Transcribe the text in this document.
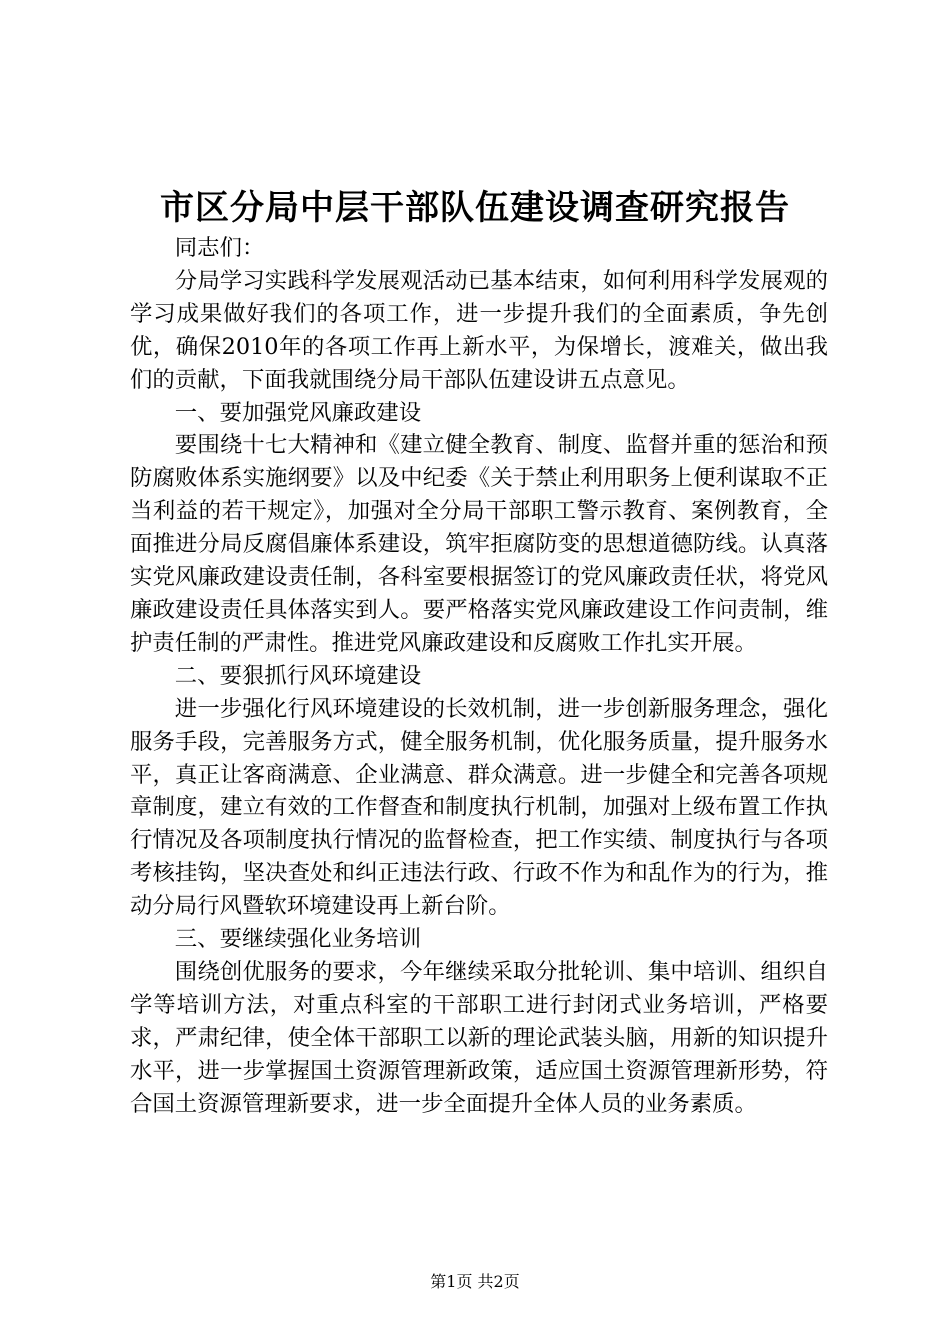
市区分局中层干部队伍建设调查研究报告

同志们：

分局学习实践科学发展观活动已基本结束，如何利用科学发展观的学习成果做好我们的各项工作，进一步提升我们的全面素质，争先创优，确保2010年的各项工作再上新水平，为保增长，渡难关，做出我们的贡献，下面我就围绕分局干部队伍建设讲五点意见。

一、要加强党风廉政建设

要围绕十七大精神和《建立健全教育、制度、监督并重的惩治和预防腐败体系实施纲要》以及中纪委《关于禁止利用职务上便利谋取不正当利益的若干规定》，加强对全分局干部职工警示教育、案例教育，全面推进分局反腐倡廉体系建设，筑牢拒腐防变的思想道德防线。认真落实党风廉政建设责任制，各科室要根据签订的党风廉政责任状，将党风廉政建设责任具体落实到人。要严格落实党风廉政建设工作问责制，维护责任制的严肃性。推进党风廉政建设和反腐败工作扎实开展。

二、要狠抓行风环境建设

进一步强化行风环境建设的长效机制，进一步创新服务理念，强化服务手段，完善服务方式，健全服务机制，优化服务质量，提升服务水平，真正让客商满意、企业满意、群众满意。进一步健全和完善各项规章制度，建立有效的工作督查和制度执行机制，加强对上级布置工作执行情况及各项制度执行情况的监督检查，把工作实绩、制度执行与各项考核挂钩，坚决查处和纠正违法行政、行政不作为和乱作为的行为，推动分局行风暨软环境建设再上新台阶。

三、要继续强化业务培训

围绕创优服务的要求，今年继续采取分批轮训、集中培训、组织自学等培训方法，对重点科室的干部职工进行封闭式业务培训，严格要求，严肃纪律，使全体干部职工以新的理论武装头脑，用新的知识提升水平，进一步掌握国土资源管理新政策，适应国土资源管理新形势，符合国土资源管理新要求，进一步全面提升全体人员的业务素质。

第1页 共2页
